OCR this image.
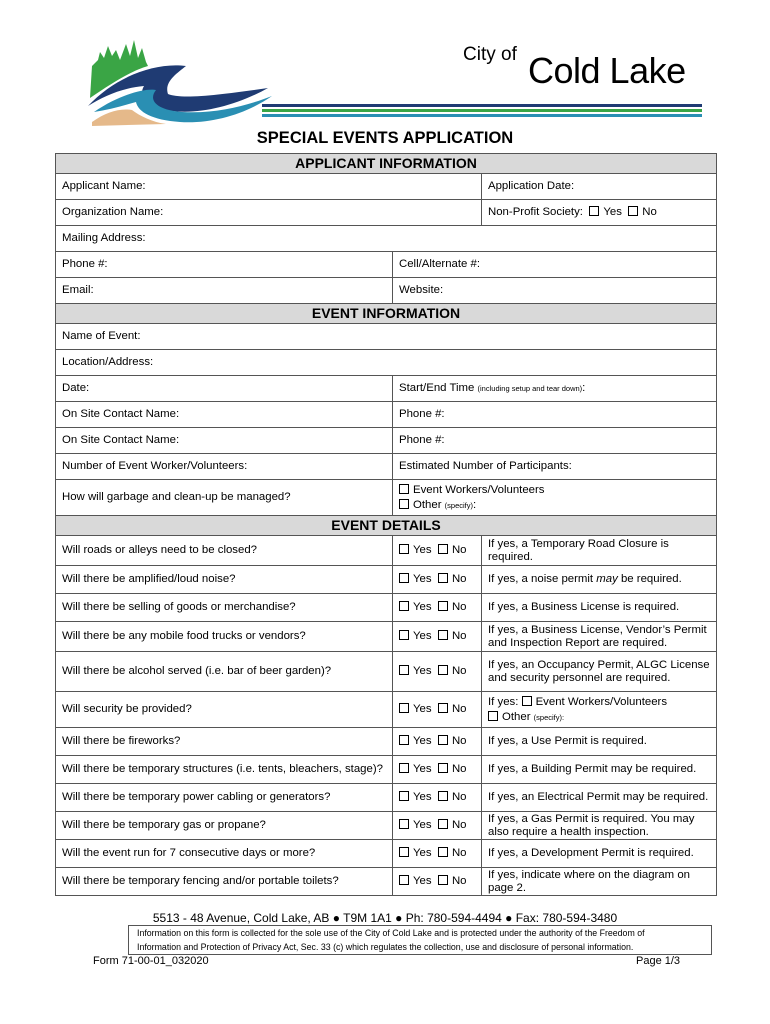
City of Cold Lake
SPECIAL EVENTS APPLICATION
APPLICANT INFORMATION		
Applicant Name:		Application Date:
Organization Name:		Non-Profit Society: Yes No
Mailing Address:		
Phone #:	Cell/Alternate #:	
Email:	Website:	
EVENT INFORMATION		
Name of Event:		
Location/Address:		
Date:	Start/End Time (including setup and tear down):	
On Site Contact Name:	Phone #:	
On Site Contact Name:	Phone #:	
Number of Event Worker/Volunteers:	Estimated Number of Participants:	
How will garbage and clean-up be managed?	Event Workers/Volunteers
Other (specify):	

EVENT DETAILS		
Will roads or alleys need to be closed?	Yes No	If yes, a Temporary Road Closure is required.
Will there be amplified/loud noise?	Yes No	If yes, a noise permit may be required.
Will there be selling of goods or merchandise?	Yes No	If yes, a Business License is required.
Will there be any mobile food trucks or vendors?	Yes No	If yes, a Business License, Vendor’s Permit and Inspection Report are required.
Will there be alcohol served (i.e. bar of beer garden)?	Yes No	If yes, an Occupancy Permit, ALGC License and security personnel are required.
Will security be provided?	Yes No	If yes: Event Workers/Volunteers
Other (specify):

Will there be fireworks?	Yes No	If yes, a Use Permit is required.
Will there be temporary structures (i.e. tents, bleachers, stage)?	Yes No	If yes, a Building Permit may be required.
Will there be temporary power cabling or generators?	Yes No	If yes, an Electrical Permit may be required.
Will there be temporary gas or propane?	Yes No	If yes, a Gas Permit is required. You may also require a health inspection.
Will the event run for 7 consecutive days or more?	Yes No	If yes, a Development Permit is required.
Will there be temporary fencing and/or portable toilets?	Yes No	If yes, indicate where on the diagram on page 2.
5513 - 48 Avenue, Cold Lake, AB ● T9M 1A1 ● Ph: 780-594-4494 ● Fax: 780-594-3480
Information on this form is collected for the sole use of the City of Cold Lake and is protected under the authority of the Freedom of
Information and Protection of Privacy Act, Sec. 33 (c) which regulates the collection, use and disclosure of personal information.
Form 71-00-01_032020	Page 1/3
